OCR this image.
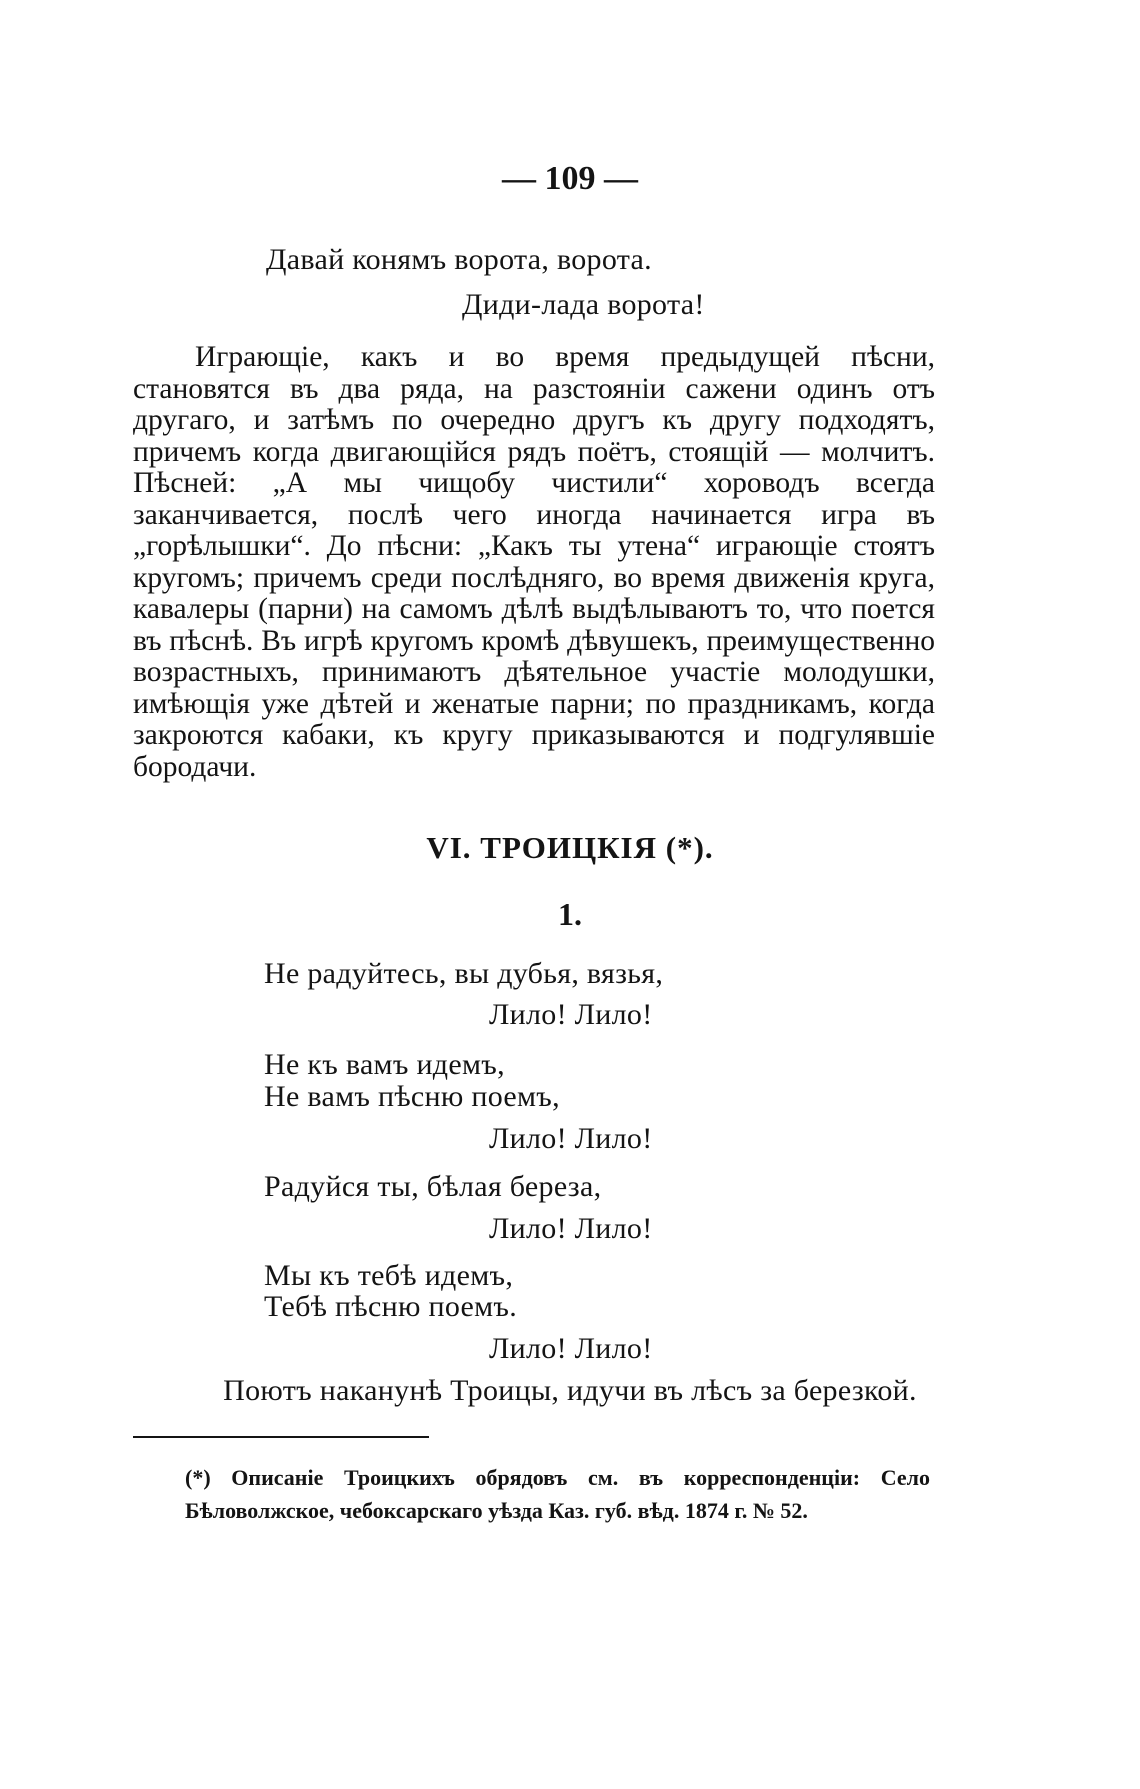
— 109 —
Давай конямъ ворота, ворота.
Диди-лада ворота!

Играющіе, какъ и во время предыдущей пѣсни, становятся въ два ряда, на разстояніи сажени одинъ отъ другаго, и затѣмъ по очередно другъ къ другу подходятъ, причемъ когда двигающійся рядъ поётъ, стоящій — молчитъ. Пѣсней: „А мы чищобу чистили“ хороводъ всегда заканчивается, послѣ чего иногда начинается игра въ „горѣлышки“. До пѣсни: „Какъ ты утена“ играющіе стоятъ кругомъ; причемъ среди послѣдняго, во время движенія круга, кавалеры (парни) на самомъ дѣлѣ выдѣлываютъ то, что поется въ пѣснѣ. Въ игрѣ кругомъ кромѣ дѣвушекъ, преимущественно возрастныхъ, принимаютъ дѣятельное участіе молодушки, имѣющія уже дѣтей и женатые парни; по праздникамъ, когда закроются кабаки, къ кругу приказываются и подгулявшіе бородачи.

VI. ТРОИЦКІЯ (*).
1.
Не радуйтесь, вы дубья, вязья,
Лило! Лило!
Не къ вамъ идемъ,
Не вамъ пѣсню поемъ,
Лило! Лило!
Радуйся ты, бѣлая береза,
Лило! Лило!
Мы къ тебѣ идемъ,
Тебѣ пѣсню поемъ.
Лило! Лило!
Поютъ наканунѣ Троицы, идучи въ лѣсъ за березкой.

(*) Описаніе Троицкихъ обрядовъ см. въ корреспонденціи: Село Бѣловолжское, чебоксарскаго уѣзда Каз. губ. вѣд. 1874 г. № 52.
